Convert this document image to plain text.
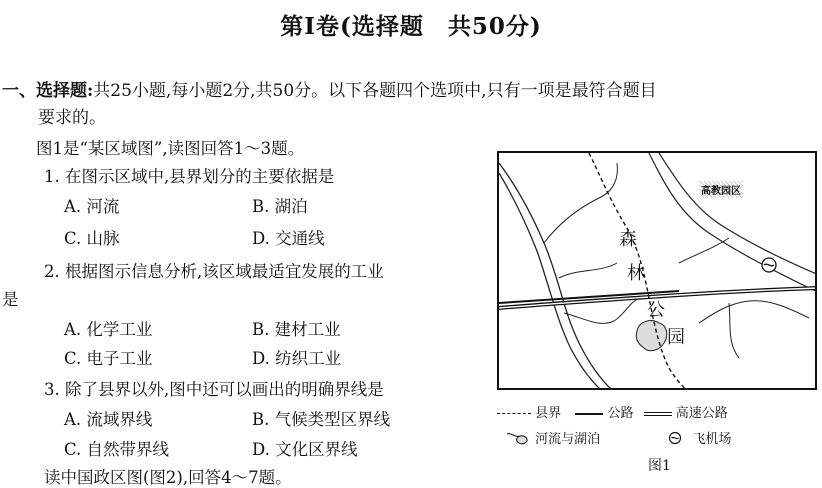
第Ⅰ卷(选择题　共50分)
一、选择题:共25小题,每小题2分,共50分。以下各题四个选项中,只有一项是最符合题目
要求的。
图1是“某区域图”,读图回答1～3题。
1. 在图示区域中,县界划分的主要依据是
A. 河流	B. 湖泊
C. 山脉	D. 交通线
2. 根据图示信息分析,该区域最适宜发展的工业
是
A. 化学工业	B. 建材工业
C. 电子工业	D. 纺织工业
3. 除了县界以外,图中还可以画出的明确界线是
A. 流域界线	B. 气候类型区界线
C. 自然带界线	D. 文化区界线
读中国政区图(图2),回答4～7题。
高教园区
森
林
公
园
县界	公路	高速公路
河流与湖泊	飞机场
图1
